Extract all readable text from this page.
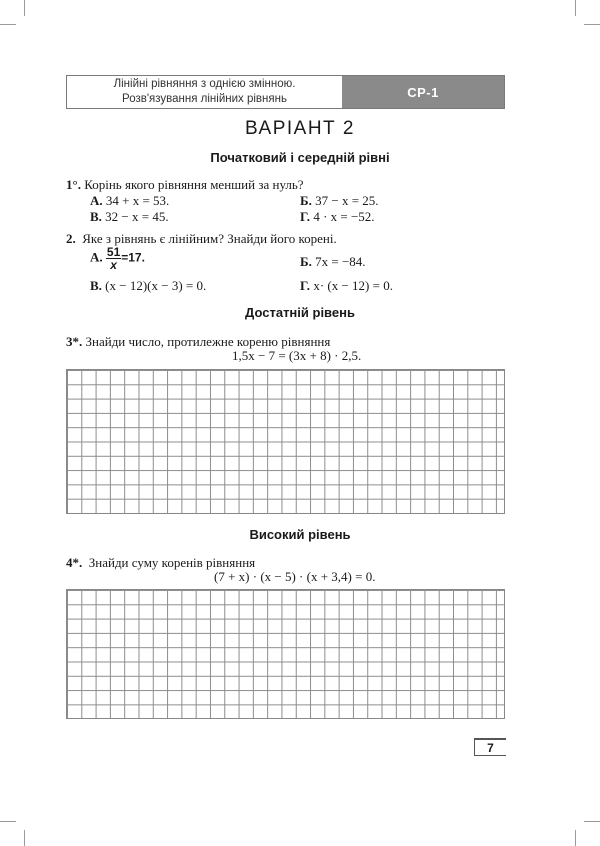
Лінійні рівняння з однією змінною.
Розв'язування лінійних рівнянь	СР-1
ВАРІАНТ 2
Початковий і середній рівні
1°. Корінь якого рівняння менший за нуль?
А. 34 + x = 53.	Б. 37 − x = 25.
В. 32 − x = 45.	Г. 4 · x = −52.
2. Яке з рівнянь є лінійним? Знайди його корені.
А. $\frac{51}{x} =17$.	Б. 7x = −84.
В. (x − 12)(x − 3) = 0.	Г. x· (x − 12) = 0.
Достатній рівень
3*. Знайди число, протилежне кореню рівняння
1,5x − 7 = (3x + 8) · 2,5.
Високий рівень
4*. Знайди суму коренів рівняння
(7 + x) · (x − 5) · (x + 3,4) = 0.
7
